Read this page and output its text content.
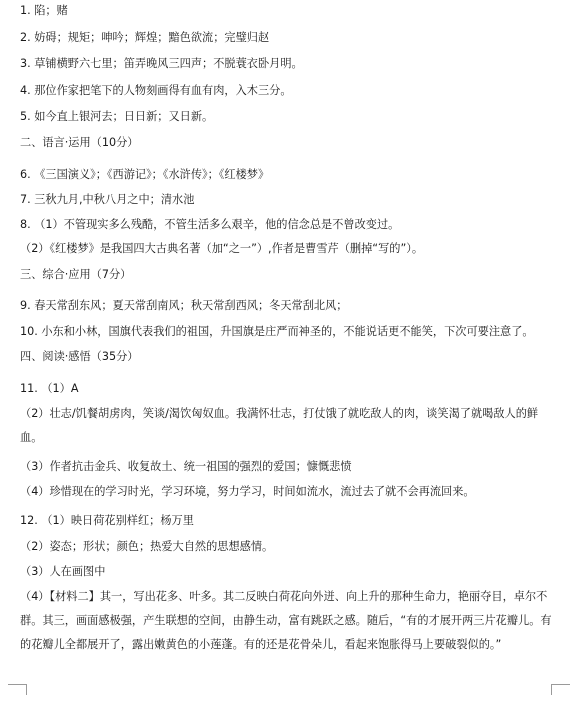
1. 陷；赌
2. 妨碍；规矩；呻吟；辉煌；黯色欲流；完璧归赵
3. 草铺横野六七里；笛弄晚风三四声；不脱蓑衣卧月明。
4. 那位作家把笔下的人物刻画得有血有肉，入木三分。
5. 如今直上银河去；日日新；又日新。
二、语言·运用（10分）
6. 《三国演义》；《西游记》；《水浒传》；《红楼梦》
7. 三秋九月,中秋八月之中；清水池
8. （1）不管现实多么残酷，不管生活多么艰辛，他的信念总是不曾改变过。
（2）《红楼梦》是我国四大古典名著（加“之一”）,作者是曹雪芹（删掉“写的”）。
三、综合·应用（7分）
9. 春天常刮东风；夏天常刮南风；秋天常刮西风；冬天常刮北风；
10. 小东和小林，国旗代表我们的祖国，升国旗是庄严而神圣的，不能说话更不能笑，下次可要注意了。
四、阅读·感悟（35分）
11. （1）A
（2）壮志/饥餐胡虏肉，笑谈/渴饮匈奴血。我满怀壮志，打仗饿了就吃敌人的肉，谈笑渴了就喝敌人的鲜血。
（3）作者抗击金兵、收复故土、统一祖国的强烈的爱国；慷慨悲愤
（4）珍惜现在的学习时光，学习环境，努力学习，时间如流水，流过去了就不会再流回来。
12. （1）映日荷花别样红；杨万里
（2）姿态；形状；颜色；热爱大自然的思想感情。
（3）人在画图中
（4）【材料二】其一，写出花多、叶多。其二反映白荷花向外迸、向上升的那种生命力，艳丽夺目，卓尔不群。其三，画面感极强，产生联想的空间，由静生动，富有跳跃之感。随后，“有的才展开两三片花瓣儿。有的花瓣儿全都展开了，露出嫩黄色的小莲蓬。有的还是花骨朵儿，看起来饱胀得马上要破裂似的。”
